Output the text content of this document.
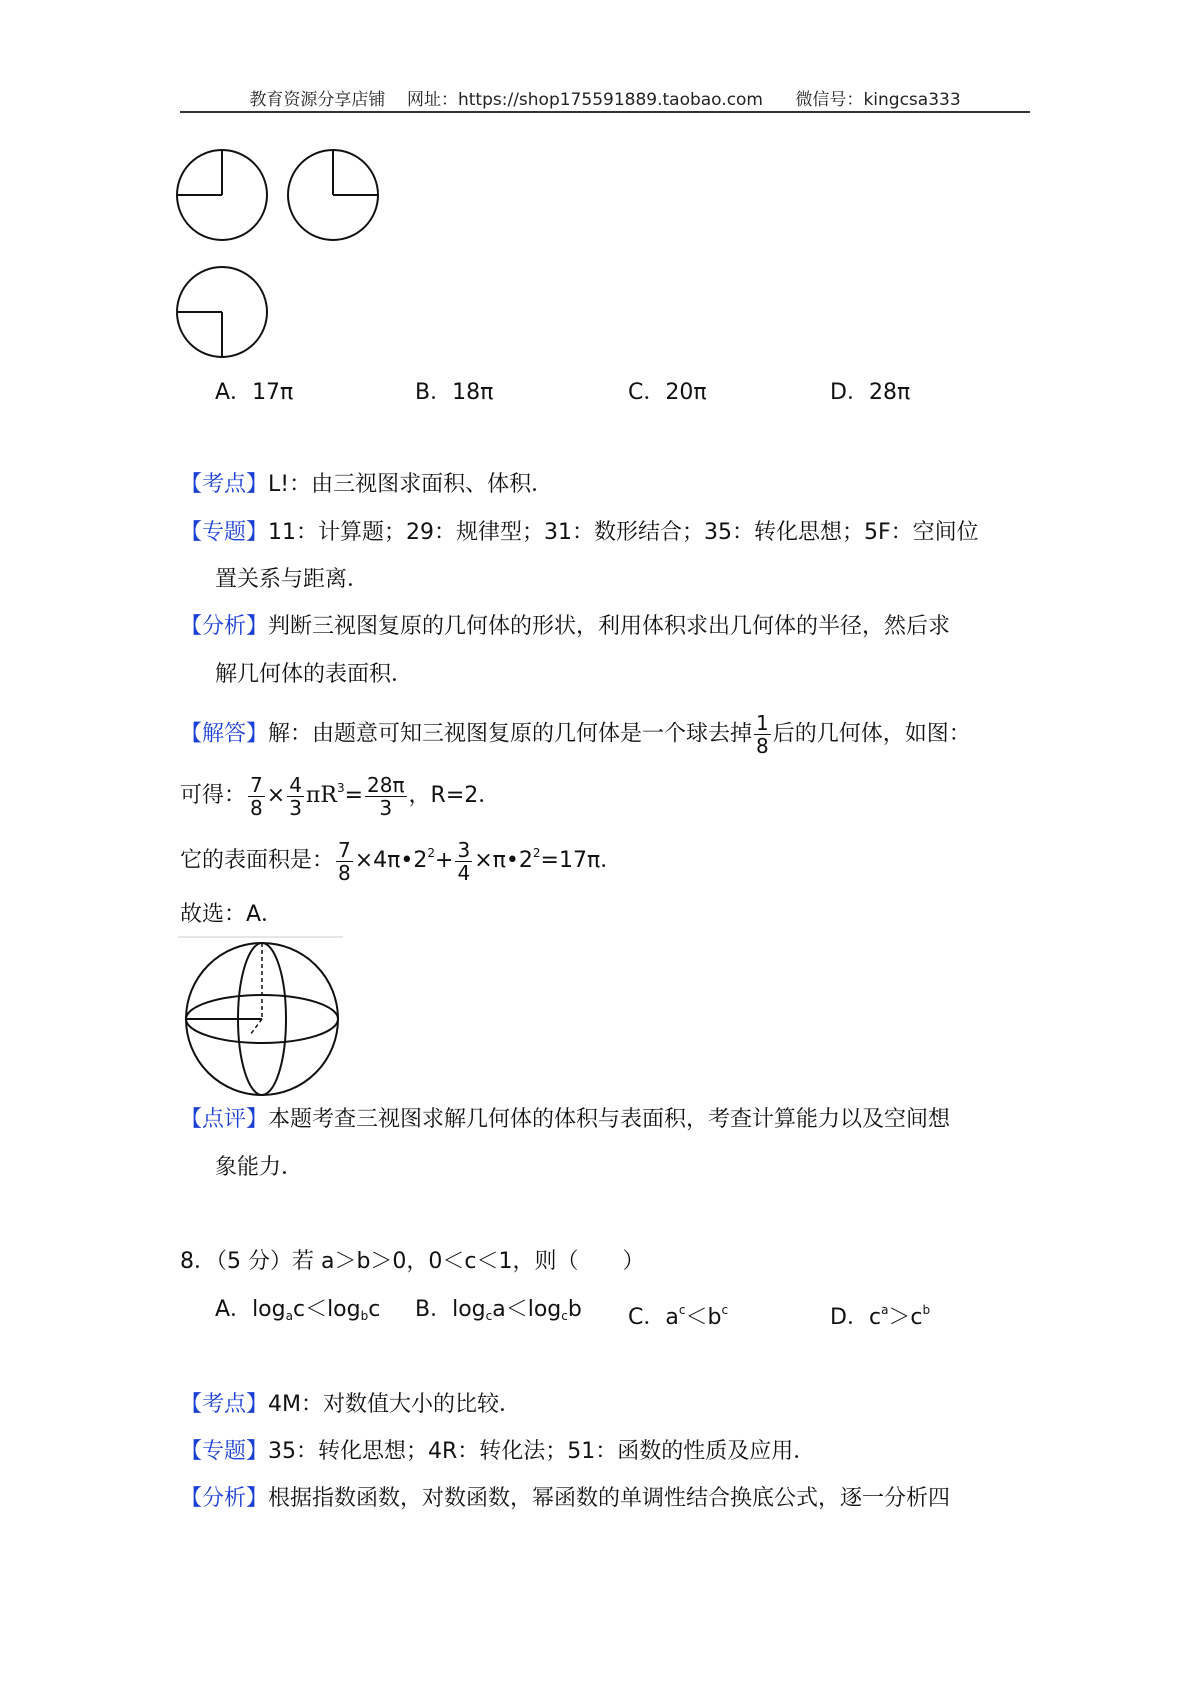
教育资源分享店铺 网址：https://shop175591889.taobao.com 微信号：kingcsa333
A．17π	B．18π	C．20π	D．28π
【考点】L!：由三视图求面积、体积．
【专题】11：计算题；29：规律型；31：数形结合；35：转化思想；5F：空间位
置关系与距离．
【分析】判断三视图复原的几何体的形状，利用体积求出几何体的半径，然后求
解几何体的表面积．
【解答】解：由题意可知三视图复原的几何体是一个球去掉 $\frac{1}{8}$ 后的几何体，如图：
可得： $\frac{7}{8} \times \frac{4}{3} \pi R^3= \frac{28\pi}{3}$ ，R=2．
它的表面积是： $\frac{7}{8}$ $\times 4\pi•2^2+ \frac{3}{4}$ $\times\pi•2^2=17\pi$．
故选：A．
【点评】本题考查三视图求解几何体的体积与表面积，考查计算能力以及空间想
象能力．
8．（5 分）若 a＞b＞0，0＜c＜1，则（　　）
A．$\log_ac<\log_bc$ B．$\log_ca<\log_cb$ C．$a^c<b^c$	D．$c^a>c^b$
【考点】4M：对数值大小的比较．
【专题】35：转化思想；4R：转化法；51：函数的性质及应用．
【分析】根据指数函数，对数函数，幂函数的单调性结合换底公式，逐一分析四
